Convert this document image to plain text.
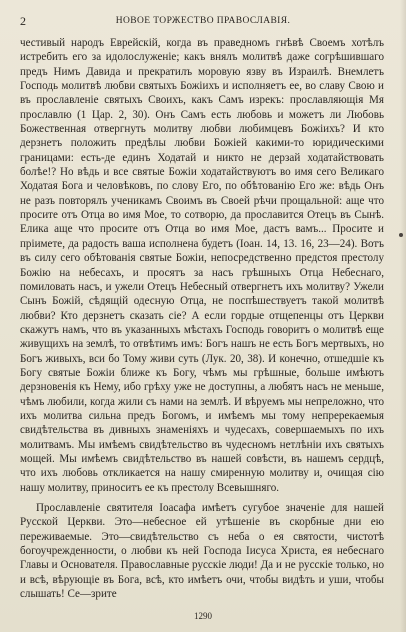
2	НОВОЕ ТОРЖЕСТВО ПРАВОСЛАВІЯ.

честивый народъ Еврейскій, когда въ праведномъ гнѣвѣ Своемъ хотѣлъ истребить его за идолослуженіе; какъ внялъ молитвѣ даже согрѣшившаго предъ Нимъ Давида и прекратилъ моровую язву въ Израилѣ. Внемлетъ Господь молитвѣ любви святыхъ Божіихъ и исполняетъ ее, во славу Свою и въ прославленіе святыхъ Своихъ, какъ Самъ изрекъ: прославляющія Мя прославлю (1 Цар. 2, 30). Онъ Самъ есть любовь и можетъ ли Любовь Божественная отвергнуть молитву любви любимцевъ Божіихъ? И кто дерзнетъ положить предѣлы любви Божіей какими-то юридическими границами: есть-де единъ Ходатай и никто не дерзай ходатайствовать болѣе!? Но вѣдь и все святые Божіи ходатайствуютъ во имя сего Великаго Ходатая Бога и человѣковъ, по слову Его, по обѣтованію Его же: вѣдь Онъ не разъ повторялъ ученикамъ Своимъ въ Своей рѣчи прощальной: аще что просите отъ Отца во имя Мое, то сотворю, да прославится Отецъ въ Сынѣ. Елика аще что просите отъ Отца во имя Мое, дастъ вамъ... Просите и пріимете, да радость ваша исполнена будетъ (Іоан. 14, 13. 16, 23—24). Вотъ въ силу сего обѣтованія святые Божіи, непосредственно предстоя престолу Божію на небесахъ, и просятъ за насъ грѣшныхъ Отца Небеснаго, помиловать насъ, и ужели Отецъ Небесный отвергнетъ ихъ молитву? Ужели Сынъ Божій, сѣдящій одесную Отца, не поспѣшествуетъ такой молитвѣ любви? Кто дерзнетъ сказать сіе? А если гордые отщепенцы отъ Церкви скажутъ намъ, что въ указанныхъ мѣстахъ Господь говоритъ о молитвѣ еще живущихъ на землѣ, то отвѣтимъ имъ: Богъ нашъ не есть Богъ мертвыхъ, но Богъ живыхъ, вси бо Тому живи суть (Лук. 20, 38). И конечно, отшедшіе къ Богу святые Божіи ближе къ Богу, чѣмъ мы грѣшные, больше имѣютъ дерзновенія къ Нему, ибо грѣху уже не доступны, а любятъ насъ не меньше, чѣмъ любили, когда жили съ нами на землѣ. И вѣруемъ мы непреложно, что ихъ молитва сильна предъ Богомъ, и имѣемъ мы тому непререкаемыя свидѣтельства въ дивныхъ знаменіяхъ и чудесахъ, совершаемыхъ по ихъ молитвамъ. Мы имѣемъ свидѣтельство въ чудесномъ нетлѣніи ихъ святыхъ мощей. Мы имѣемъ свидѣтельство въ нашей совѣсти, въ нашемъ сердцѣ, что ихъ любовь откликается на нашу смиренную молитву и, очищая сію нашу молитву, приноситъ ее къ престолу Всевышняго.

Прославленіе святителя Іоасафа имѣетъ сугубое значеніе для нашей Русской Церкви. Это—небесное ей утѣшеніе въ скорбные дни ею переживаемые. Это—свидѣтельство съ неба о ея святости, чистотѣ богоучрежденности, о любви къ ней Господа Іисуса Христа, ея небеснаго Главы и Основателя. Православные русскіе люди! Да и не русскіе только, но и всѣ, вѣрующіе въ Бога, всѣ, кто имѣетъ очи, чтобы видѣть и уши, чтобы слышать! Се—зрите

1290
